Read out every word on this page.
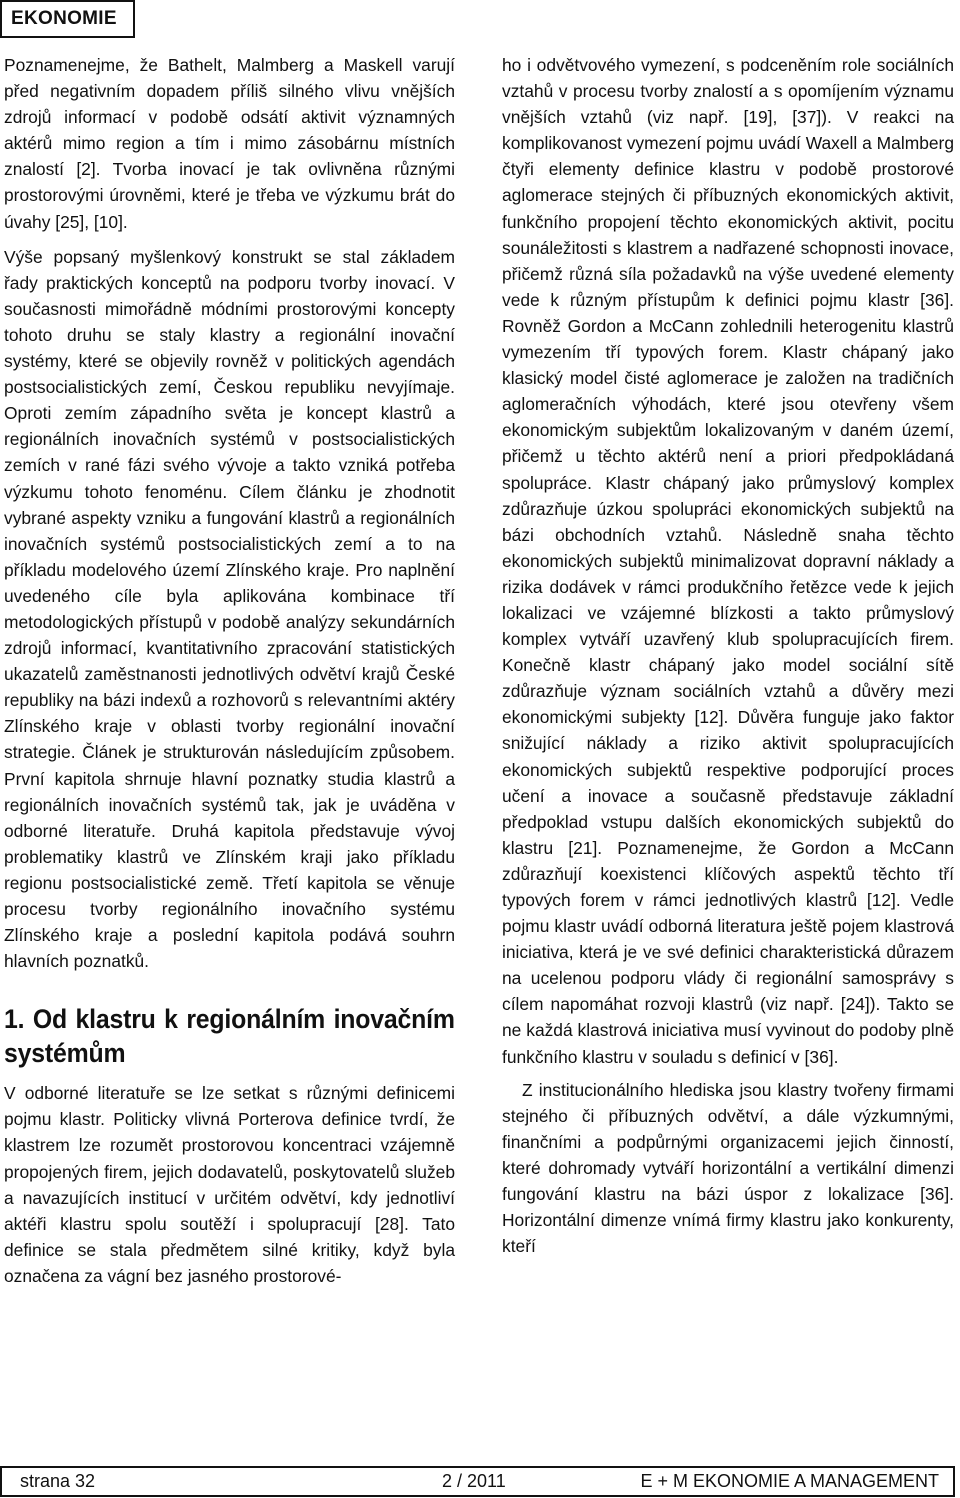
EKONOMIE

Poznamenejme, že Bathelt, Malmberg a Maskell varují před negativním dopadem příliš silného vlivu vnějších zdrojů informací v podobě odsátí aktivit významných aktérů mimo region a tím i mimo zásobárnu místních znalostí [2]. Tvorba inovací je tak ovlivněna různými prostorovými úrovněmi, které je třeba ve výzkumu brát do úvahy [25], [10].

Výše popsaný myšlenkový konstrukt se stal základem řady praktických konceptů na podporu tvorby inovací. V současnosti mimořádně módními prostorovými koncepty tohoto druhu se staly klastry a regionální inovační systémy, které se objevily rovněž v politických agendách postsocialistických zemí, Českou republiku nevyjímaje. Oproti zemím západního světa je koncept klastrů a regionálních inovačních systémů v postsocialistických zemích v rané fázi svého vývoje a takto vzniká potřeba výzkumu tohoto fenoménu. Cílem článku je zhodnotit vybrané aspekty vzniku a fungování klastrů a regionálních inovačních systémů postsocialistických zemí a to na příkladu modelového území Zlínského kraje. Pro naplnění uvedeného cíle byla aplikována kombinace tří metodologických přístupů v podobě analýzy sekundárních zdrojů informací, kvantitativního zpracování statistických ukazatelů zaměstnanosti jednotlivých odvětví krajů České republiky na bázi indexů a rozhovorů s relevantními aktéry Zlínského kraje v oblasti tvorby regionální inovační strategie. Článek je strukturován následujícím způsobem. První kapitola shrnuje hlavní poznatky studia klastrů a regionálních inovačních systémů tak, jak je uváděna v odborné literatuře. Druhá kapitola představuje vývoj problematiky klastrů ve Zlínském kraji jako příkladu regionu postsocialistické země. Třetí kapitola se věnuje procesu tvorby regionálního inovačního systému Zlínského kraje a poslední kapitola podává souhrn hlavních poznatků.

1. Od klastru k regionálním inovačním systémům

V odborné literatuře se lze setkat s různými definicemi pojmu klastr. Politicky vlivná Porterova definice tvrdí, že klastrem lze rozumět prostorovou koncentraci vzájemně propojených firem, jejich dodavatelů, poskytovatelů služeb a navazujících institucí v určitém odvětví, kdy jednotliví aktéři klastru spolu soutěží i spolupracují [28]. Tato definice se stala předmětem silné kritiky, když byla označena za vágní bez jasného prostorové-

ho i odvětvového vymezení, s podceněním role sociálních vztahů v procesu tvorby znalostí a s opomíjením významu vnějších vztahů (viz např. [19], [37]). V reakci na komplikovanost vymezení pojmu uvádí Waxell a Malmberg čtyři elementy definice klastru v podobě prostorové aglomerace stejných či příbuzných ekonomických aktivit, funkčního propojení těchto ekonomických aktivit, pocitu sounáležitosti s klastrem a nadřazené schopnosti inovace, přičemž různá síla požadavků na výše uvedené elementy vede k různým přístupům k definici pojmu klastr [36]. Rovněž Gordon a McCann zohlednili heterogenitu klastrů vymezením tří typových forem. Klastr chápaný jako klasický model čisté aglomerace je založen na tradičních aglomeračních výhodách, které jsou otevřeny všem ekonomickým subjektům lokalizovaným v daném území, přičemž u těchto aktérů není a priori předpokládaná spolupráce. Klastr chápaný jako průmyslový komplex zdůrazňuje úzkou spolupráci ekonomických subjektů na bázi obchodních vztahů. Následně snaha těchto ekonomických subjektů minimalizovat dopravní náklady a rizika dodávek v rámci produkčního řetězce vede k jejich lokalizaci ve vzájemné blízkosti a takto průmyslový komplex vytváří uzavřený klub spolupracujících firem. Konečně klastr chápaný jako model sociální sítě zdůrazňuje význam sociálních vztahů a důvěry mezi ekonomickými subjekty [12]. Důvěra funguje jako faktor snižující náklady a riziko aktivit spolupracujících ekonomických subjektů respektive podporující proces učení a inovace a současně představuje základní předpoklad vstupu dalších ekonomických subjektů do klastru [21]. Poznamenejme, že Gordon a McCann zdůrazňují koexistenci klíčových aspektů těchto tří typových forem v rámci jednotlivých klastrů [12]. Vedle pojmu klastr uvádí odborná literatura ještě pojem klastrová iniciativa, která je ve své definici charakteristická důrazem na ucelenou podporu vlády či regionální samosprávy s cílem napomáhat rozvoji klastrů (viz např. [24]). Takto se ne každá klastrová iniciativa musí vyvinout do podoby plně funkčního klastru v souladu s definicí v [36].

Z institucionálního hlediska jsou klastry tvořeny firmami stejného či příbuzných odvětví, a dále výzkumnými, finančními a podpůrnými organizacemi jejich činností, které dohromady vytváří horizontální a vertikální dimenzi fungování klastru na bázi úspor z lokalizace [36]. Horizontální dimenze vnímá firmy klastru jako konkurenty, kteří

strana 32	2 / 2011	E + M EKONOMIE A MANAGEMENT
